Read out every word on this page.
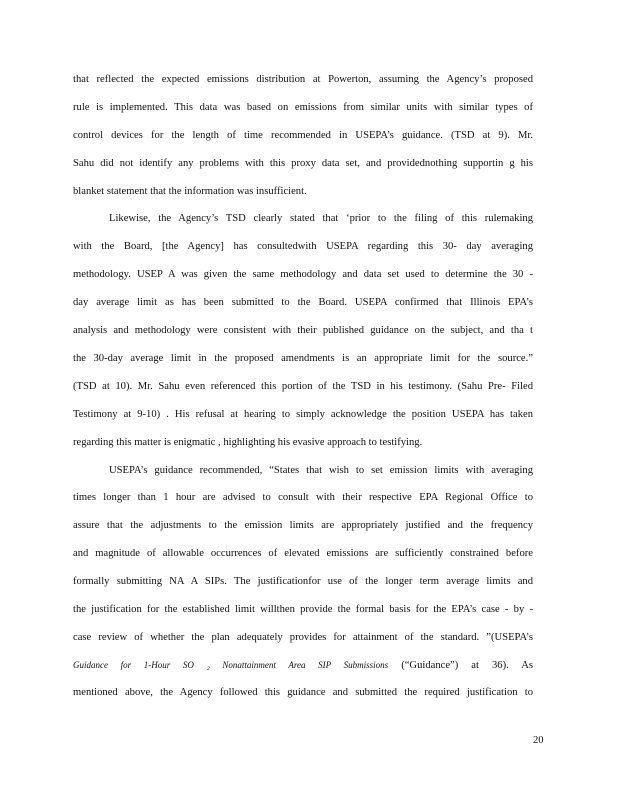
that reflected the expected emissions distribution at Powerton, assuming the Agency’s proposed
rule is implemented. This data was based on emissions from similar units with similar types of
control devices for the length of time recommended in USEPA’s guidance. (TSD at 9). Mr.
Sahu did not identify any problems with this proxy data set, and providednothing supportin g his
blanket statement that the information was insufficient.
Likewise, the Agency’s TSD clearly stated that ‘prior to the filing of this rulemaking
with the Board, [the Agency] has consultedwith USEPA regarding this 30- day averaging
methodology. USEP A was given the same methodology and data set used to determine the 30 -
day average limit as has been submitted to the Board. USEPA confirmed that Illinois EPA’s
analysis and methodology were consistent with their published guidance on the subject, and tha t
the 30-day average limit in the proposed amendments is an appropriate limit for the source.”
(TSD at 10). Mr. Sahu even referenced this portion of the TSD in his testimony. (Sahu Pre- Filed
Testimony at 9-10) . His refusal at hearing to simply acknowledge the position USEPA has taken
regarding this matter is enigmatic , highlighting his evasive approach to testifying.
USEPA’s guidance recommended, “States that wish to set emission limits with averaging
times longer than 1 hour are advised to consult with their respective EPA Regional Office to
assure that the adjustments to the emission limits are appropriately justified and the frequency
and magnitude of allowable occurrences of elevated emissions are sufficiently constrained before
formally submitting NA A SIPs. The justificationfor use of the longer term average limits and
the justification for the established limit willthen provide the formal basis for the EPA’s case - by -
case review of whether the plan adequately provides for attainment of the standard. ”(USEPA’s
Guidance for 1-Hour SO ₂ Nonattainment Area SIP Submissions (“Guidance”) at 36). As
mentioned above, the Agency followed this guidance and submitted the required justification to
20
